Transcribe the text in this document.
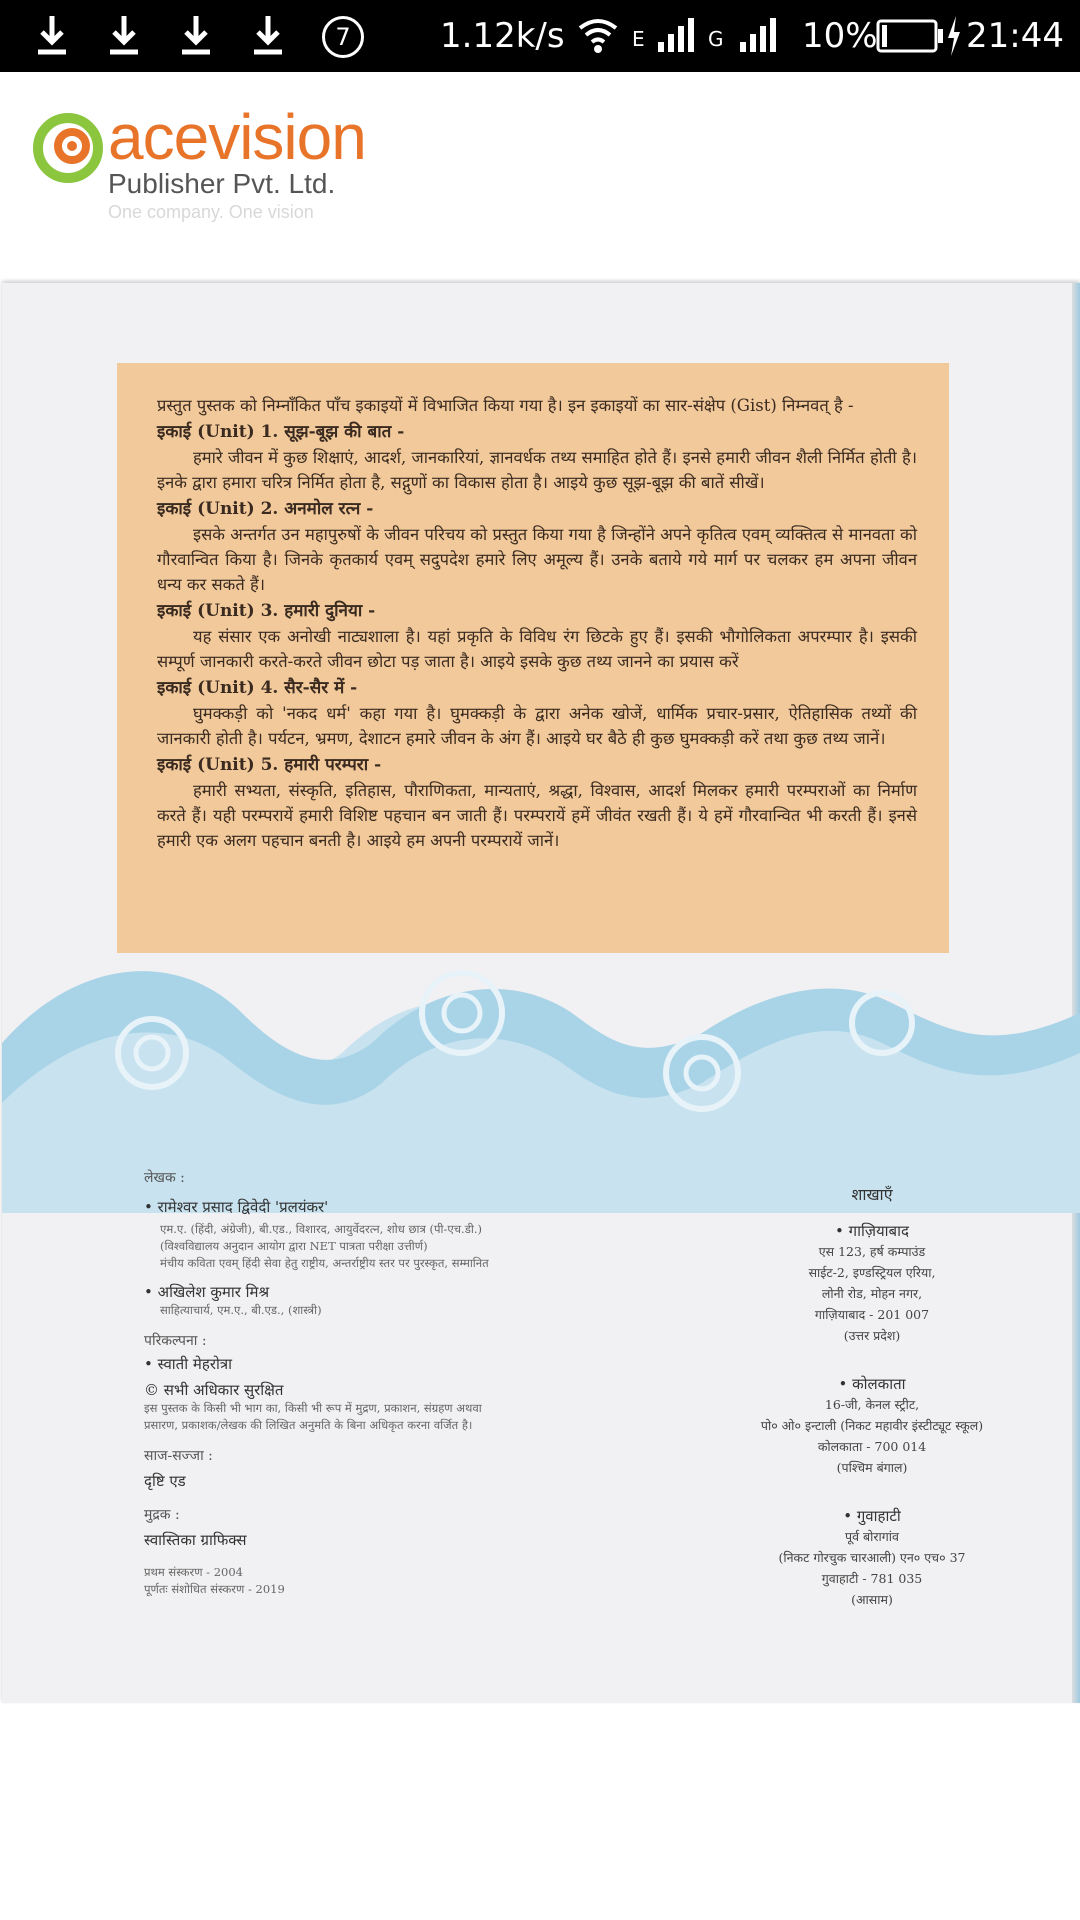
7	1.12k/s	E	G 10%	21:44
acevision
Publisher Pvt. Ltd.
One company. One vision

प्रस्तुत पुस्तक को निम्नाँकित पाँच इकाइयों में विभाजित किया गया है। इन इकाइयों का सार-संक्षेप (Gist) निम्नवत् है -

इकाई (Unit) 1. सूझ-बूझ की बात -

हमारे जीवन में कुछ शिक्षाएं, आदर्श, जानकारियां, ज्ञानवर्धक तथ्य समाहित होते हैं। इनसे हमारी जीवन शैली निर्मित होती है। इनके द्वारा हमारा चरित्र निर्मित होता है, सद्गुणों का विकास होता है। आइये कुछ सूझ-बूझ की बातें सीखें।

इकाई (Unit) 2. अनमोल रत्न -

इसके अन्तर्गत उन महापुरुषों के जीवन परिचय को प्रस्तुत किया गया है जिन्होंने अपने कृतित्व एवम् व्यक्तित्व से मानवता को गौरवान्वित किया है। जिनके कृतकार्य एवम् सदुपदेश हमारे लिए अमूल्य हैं। उनके बताये गये मार्ग पर चलकर हम अपना जीवन धन्य कर सकते हैं।

इकाई (Unit) 3. हमारी दुनिया -

यह संसार एक अनोखी नाट्यशाला है। यहां प्रकृति के विविध रंग छिटके हुए हैं। इसकी भौगोलिकता अपरम्पार है। इसकी सम्पूर्ण जानकारी करते-करते जीवन छोटा पड़ जाता है। आइये इसके कुछ तथ्य जानने का प्रयास करें

इकाई (Unit) 4. सैर-सैर में -

घुमक्कड़ी को 'नकद धर्म' कहा गया है। घुमक्कड़ी के द्वारा अनेक खोजें, धार्मिक प्रचार-प्रसार, ऐतिहासिक तथ्यों की जानकारी होती है। पर्यटन, भ्रमण, देशाटन हमारे जीवन के अंग हैं। आइये घर बैठे ही कुछ घुमक्कड़ी करें तथा कुछ तथ्य जानें।

इकाई (Unit) 5. हमारी परम्परा -

हमारी सभ्यता, संस्कृति, इतिहास, पौराणिकता, मान्यताएं, श्रद्धा, विश्वास, आदर्श मिलकर हमारी परम्पराओं का निर्माण करते हैं। यही परम्परायें हमारी विशिष्ट पहचान बन जाती हैं। परम्परायें हमें जीवंत रखती हैं। ये हमें गौरवान्वित भी करती हैं। इनसे हमारी एक अलग पहचान बनती है। आइये हम अपनी परम्परायें जानें।

लेखक :
• रामेश्वर प्रसाद द्विवेदी 'प्रलयंकर'
एम.ए. (हिंदी, अंग्रेजी), बी.एड., विशारद, आयुर्वेदरत्न, शोध छात्र (पी-एच.डी.)
(विश्वविद्यालय अनुदान आयोग द्वारा NET पात्रता परीक्षा उत्तीर्ण)
मंचीय कविता एवम् हिंदी सेवा हेतु राष्ट्रीय, अन्तर्राष्ट्रीय स्तर पर पुरस्कृत, सम्मानित
• अखिलेश कुमार मिश्र
साहित्याचार्य, एम.ए., बी.एड., (शास्त्री)
परिकल्पना :
• स्वाती मेहरोत्रा
© सभी अधिकार सुरक्षित
इस पुस्तक के किसी भी भाग का, किसी भी रूप में मुद्रण, प्रकाशन, संग्रहण अथवा
प्रसारण, प्रकाशक/लेखक की लिखित अनुमति के बिना अधिकृत करना वर्जित है।
साज-सज्जा :
दृष्टि एड
मुद्रक :
स्वास्तिका ग्राफिक्स
प्रथम संस्करण - 2004
पूर्णतः संशोधित संस्करण - 2019
शाखाएँ
• गाज़ियाबाद
एस 123, हर्ष कम्पाउंड
साईट-2, इण्डस्ट्रियल एरिया,
लोनी रोड, मोहन नगर,
गाज़ियाबाद - 201 007
(उत्तर प्रदेश)
• कोलकाता
16-जी, केनल स्ट्रीट,
पो० ओ० इन्टाली (निकट महावीर इंस्टीट्यूट स्कूल)
कोलकाता - 700 014
(पश्चिम बंगाल)
• गुवाहाटी
पूर्व बोरागांव
(निकट गोरचुक चारआली) एन० एच० 37
गुवाहाटी - 781 035
(आसाम)
